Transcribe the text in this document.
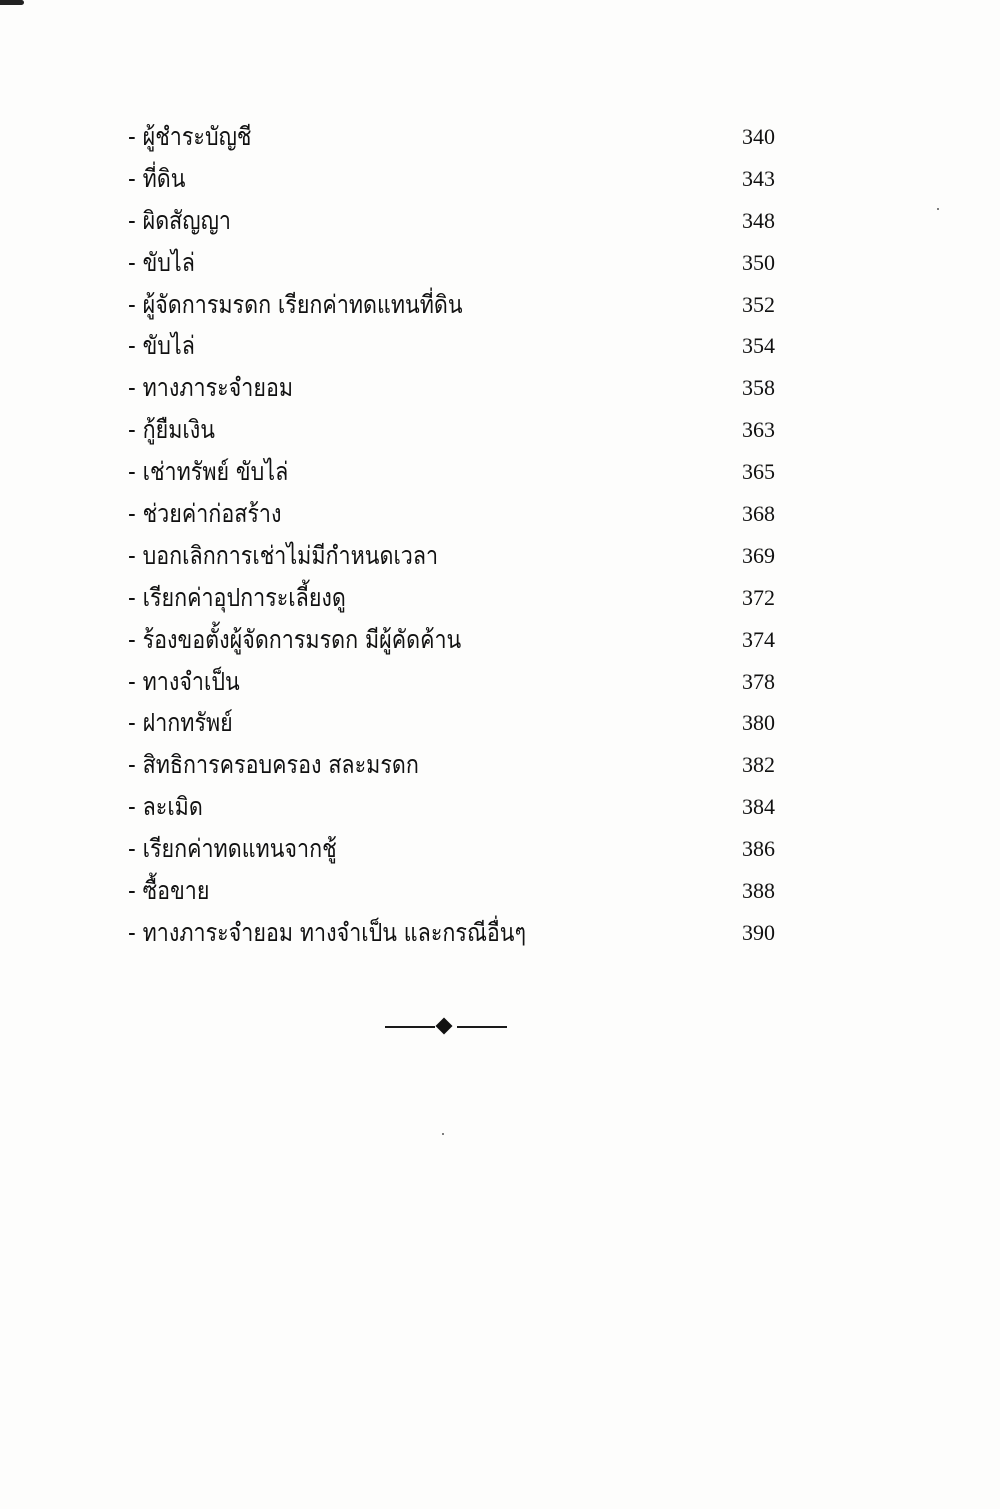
- ผู้ชำระบัญชี	340
- ที่ดิน	343
- ผิดสัญญา	348
- ขับไล่	350
- ผู้จัดการมรดก เรียกค่าทดแทนที่ดิน	352
- ขับไล่	354
- ทางภาระจำยอม	358
- กู้ยืมเงิน	363
- เช่าทรัพย์ ขับไล่	365
- ช่วยค่าก่อสร้าง	368
- บอกเลิกการเช่าไม่มีกำหนดเวลา	369
- เรียกค่าอุปการะเลี้ยงดู	372
- ร้องขอตั้งผู้จัดการมรดก มีผู้คัดค้าน	374
- ทางจำเป็น	378
- ฝากทรัพย์	380
- สิทธิการครอบครอง สละมรดก	382
- ละเมิด	384
- เรียกค่าทดแทนจากชู้	386
- ซื้อขาย	388
- ทางภาระจำยอม ทางจำเป็น และกรณีอื่นๆ	390
